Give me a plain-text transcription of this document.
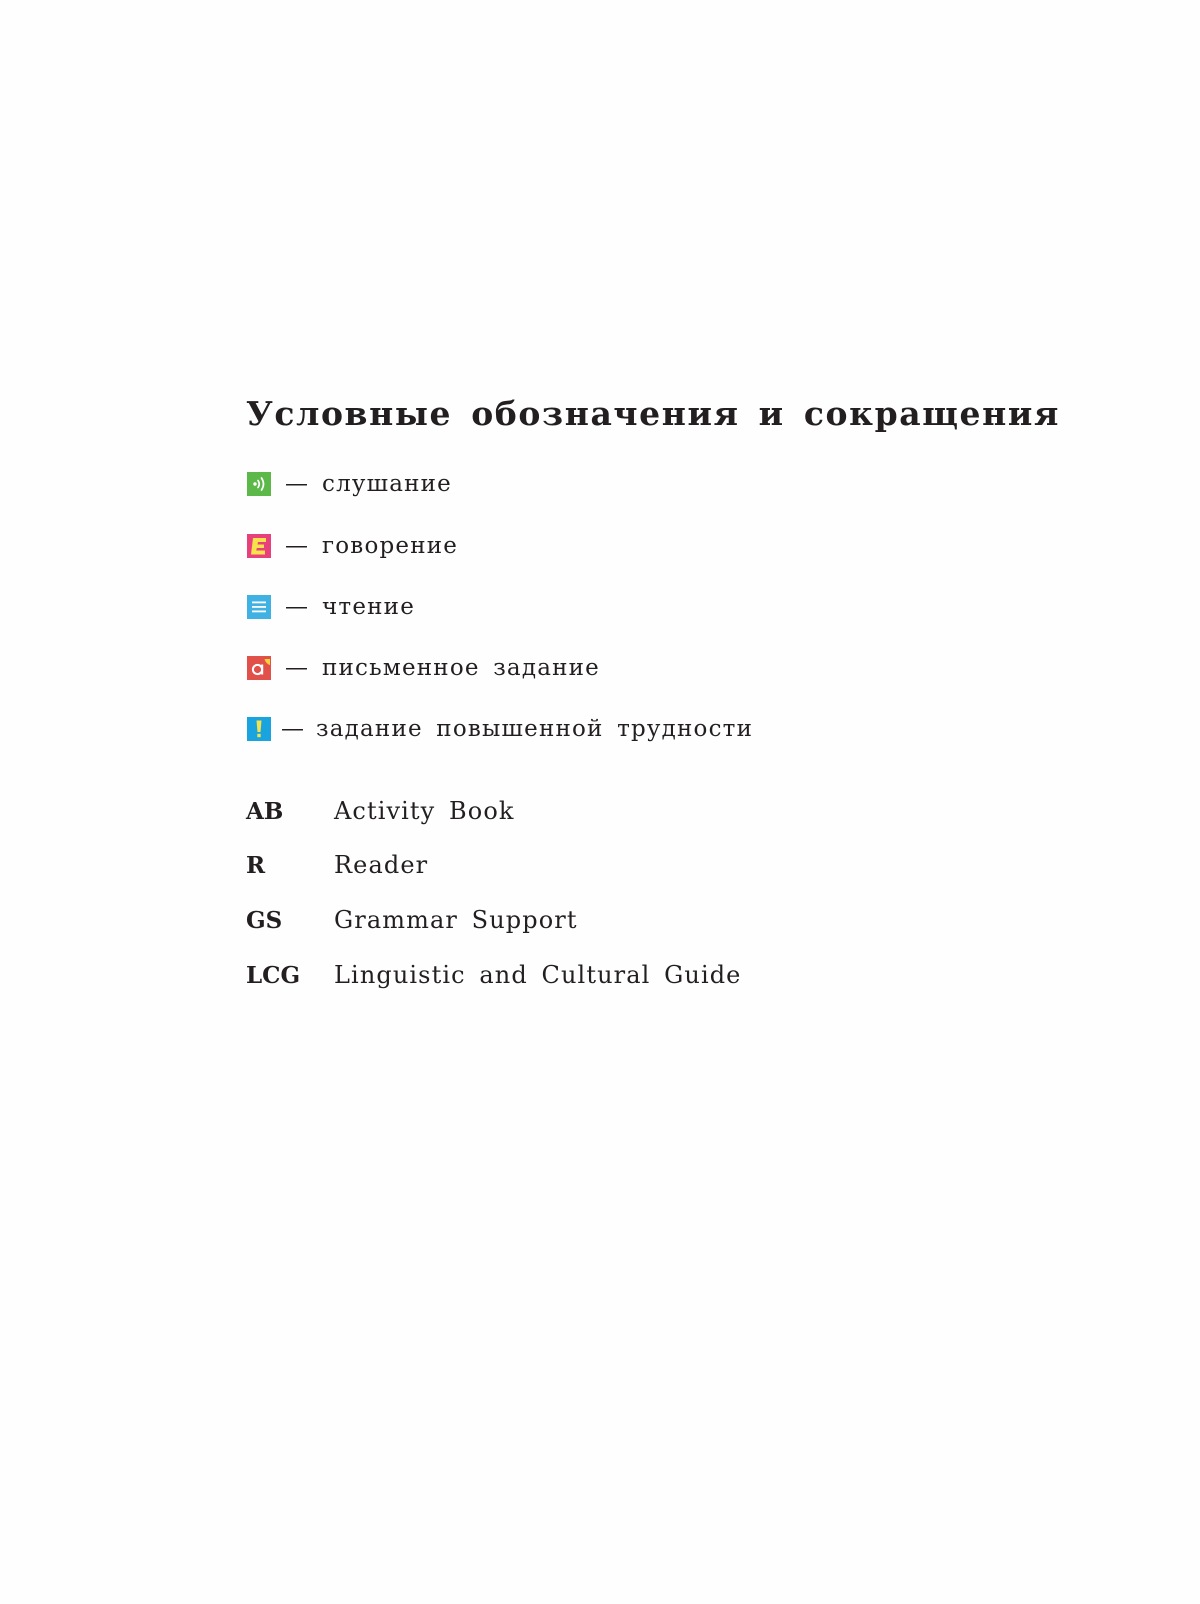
Условные обозначения и сокращения
— слушание
— говорение
— чтение
— письменное задание
— задание повышенной трудности
AB	Activity Book
R	Reader
GS	Grammar Support
LCG	Linguistic and Cultural Guide
